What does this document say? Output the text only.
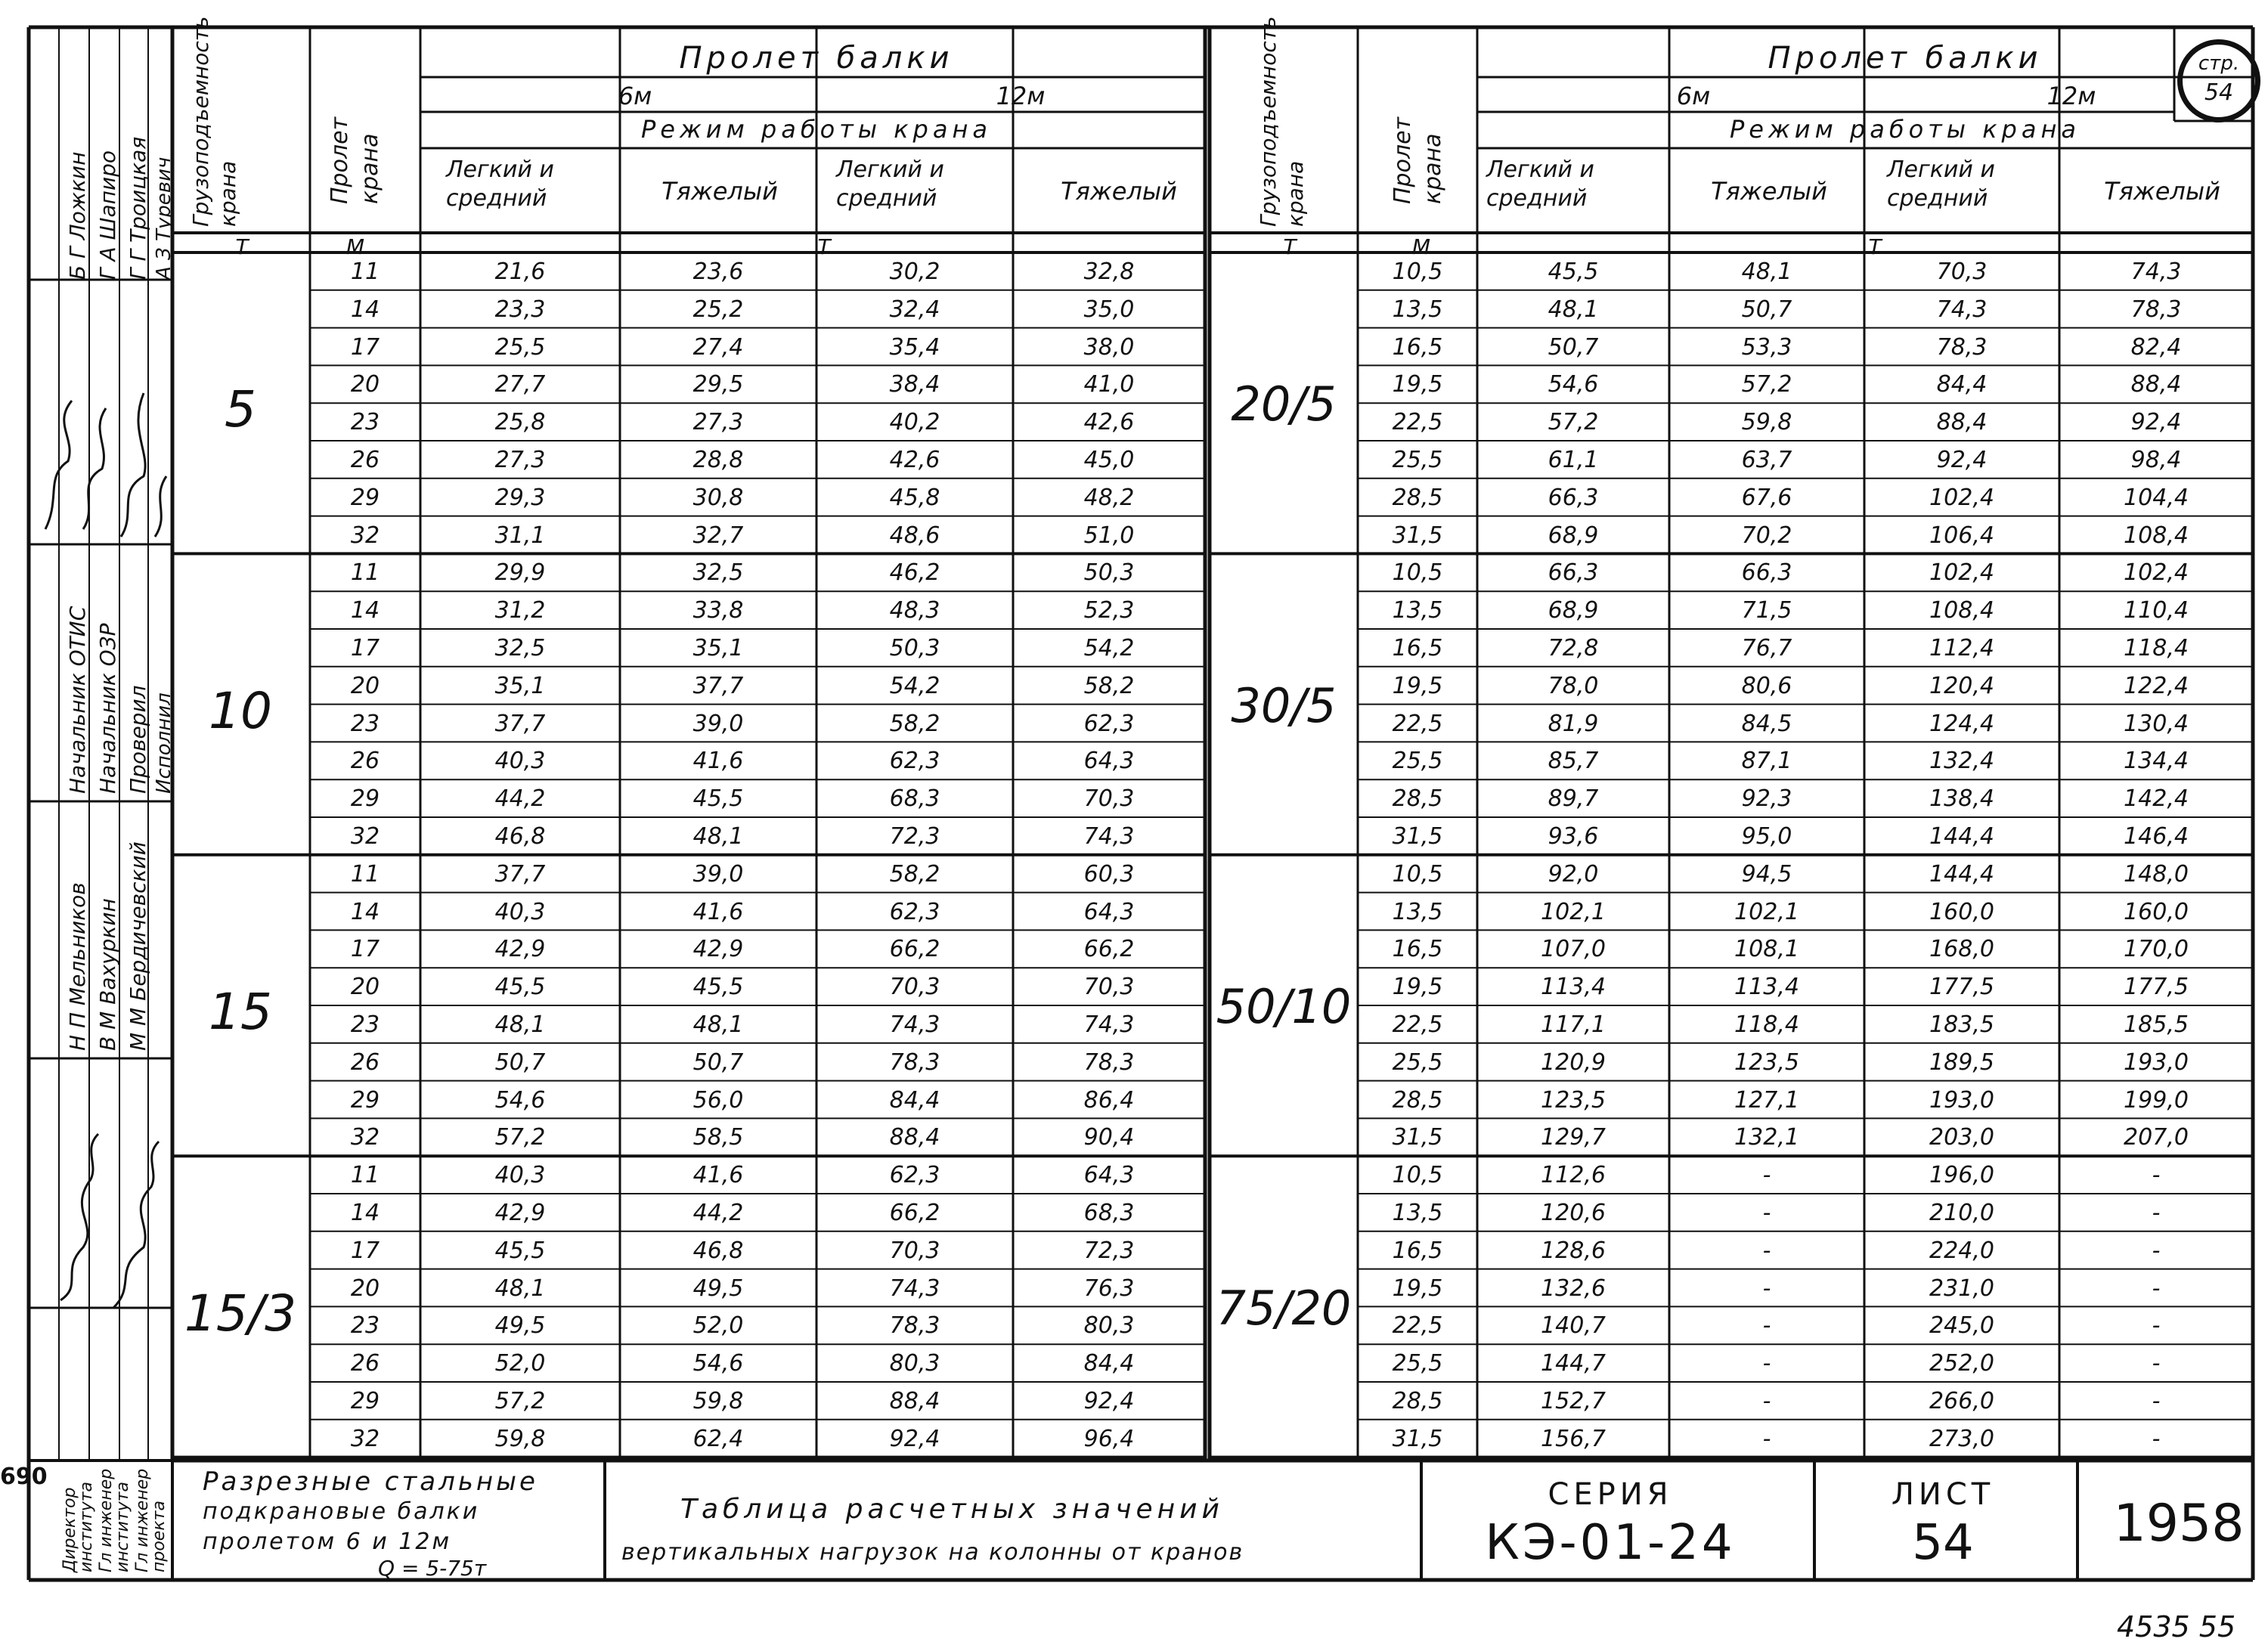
5
11	21,6	23,6	30,2	32,8
14	23,3	25,2	32,4	35,0
17	25,5	27,4	35,4	38,0
20	27,7	29,5	38,4	41,0
23	25,8	27,3	40,2	42,6
26	27,3	28,8	42,6	45,0
29	29,3	30,8	45,8	48,2
32	31,1	32,7	48,6	51,0
10
11	29,9	32,5	46,2	50,3
14	31,2	33,8	48,3	52,3
17	32,5	35,1	50,3	54,2
20	35,1	37,7	54,2	58,2
23	37,7	39,0	58,2	62,3
26	40,3	41,6	62,3	64,3
29	44,2	45,5	68,3	70,3
32	46,8	48,1	72,3	74,3
15
11	37,7	39,0	58,2	60,3
14	40,3	41,6	62,3	64,3
17	42,9	42,9	66,2	66,2
20	45,5	45,5	70,3	70,3
23	48,1	48,1	74,3	74,3
26	50,7	50,7	78,3	78,3
29	54,6	56,0	84,4	86,4
32	57,2	58,5	88,4	90,4
15/3
11	40,3	41,6	62,3	64,3
14	42,9	44,2	66,2	68,3
17	45,5	46,8	70,3	72,3
20	48,1	49,5	74,3	76,3
23	49,5	52,0	78,3	80,3
26	52,0	54,6	80,3	84,4
29	57,2	59,8	88,4	92,4
32	59,8	62,4	92,4	96,4
20/5
10,5	45,5	48,1	70,3	74,3
13,5	48,1	50,7	74,3	78,3
16,5	50,7	53,3	78,3	82,4
19,5	54,6	57,2	84,4	88,4
22,5	57,2	59,8	88,4	92,4
25,5	61,1	63,7	92,4	98,4
28,5	66,3	67,6	102,4	104,4
31,5	68,9	70,2	106,4	108,4
30/5
10,5	66,3	66,3	102,4	102,4
13,5	68,9	71,5	108,4	110,4
16,5	72,8	76,7	112,4	118,4
19,5	78,0	80,6	120,4	122,4
22,5	81,9	84,5	124,4	130,4
25,5	85,7	87,1	132,4	134,4
28,5	89,7	92,3	138,4	142,4
31,5	93,6	95,0	144,4	146,4
50/10
10,5	92,0	94,5	144,4	148,0
13,5	102,1	102,1	160,0	160,0
16,5	107,0	108,1	168,0	170,0
19,5	113,4	113,4	177,5	177,5
22,5	117,1	118,4	183,5	185,5
25,5	120,9	123,5	189,5	193,0
28,5	123,5	127,1	193,0	199,0
31,5	129,7	132,1	203,0	207,0
75/20
10,5	112,6	-	196,0	-
13,5	120,6	-	210,0	-
16,5	128,6	-	224,0	-
19,5	132,6	-	231,0	-
22,5	140,7	-	245,0	-
25,5	144,7	-	252,0	-
28,5	152,7	-	266,0	-
31,5	156,7	-	273,0	-
Пролет балки
6м	12м
Режим работы крана
Легкий и средний	Тяжелый
Легкий и средний	Тяжелый
Грузоподъемность крана	Пролет крана
Т	М	Т
Пролет балки
6м	12м
Режим работы крана
Легкий и средний	Тяжелый
Легкий и средний	Тяжелый
Грузоподъемность крана	Пролет крана
Т	М	Т
стр.
54
Б Г Ложкин Г А Шапиро Г Г Троицкая А З Туревич
Начальник ОТИС Начальник ОЗР Проверил Исполнил
Н П Мельников В М Вахуркин М М Бердичевский
Директор института Гл инженер института Гл инженер проекта
Разрезные стальные
подкрановые балки
пролетом 6 и 12м
Q = 5-75т
Таблица расчетных значений
вертикальных нагрузок на колонны от кранов
СЕРИЯ
КЭ-01-24
ЛИСТ
54	1958
690
4535 55
